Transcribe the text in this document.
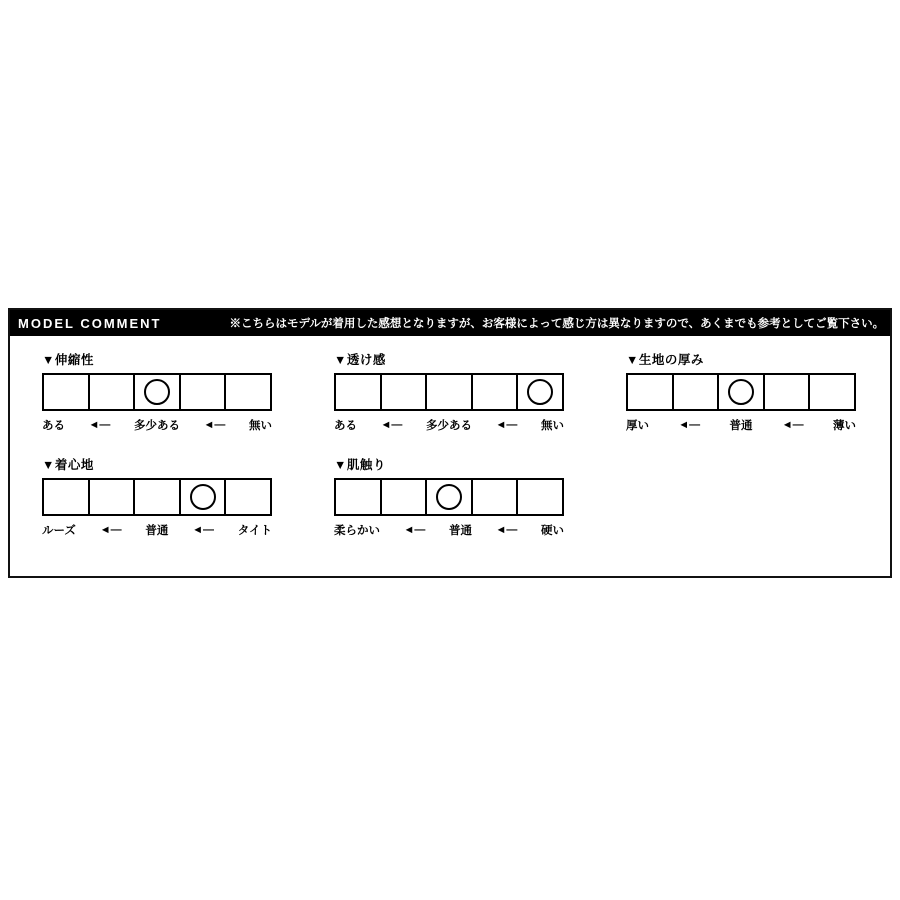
MODEL COMMENT	※こちらはモデルが着用した感想となりますが、お客様によって感じ方は異なりますので、あくまでも参考としてご覧下さい。
▼伸縮性
ある ◄— 多少ある ◄— 無い
▼透け感
ある ◄— 多少ある ◄— 無い
▼生地の厚み
厚い	◄—	普通	◄—	薄い
▼着心地
ルーズ ◄— 普通 ◄— タイト
▼肌触り
柔らかい ◄— 普通 ◄— 硬い
